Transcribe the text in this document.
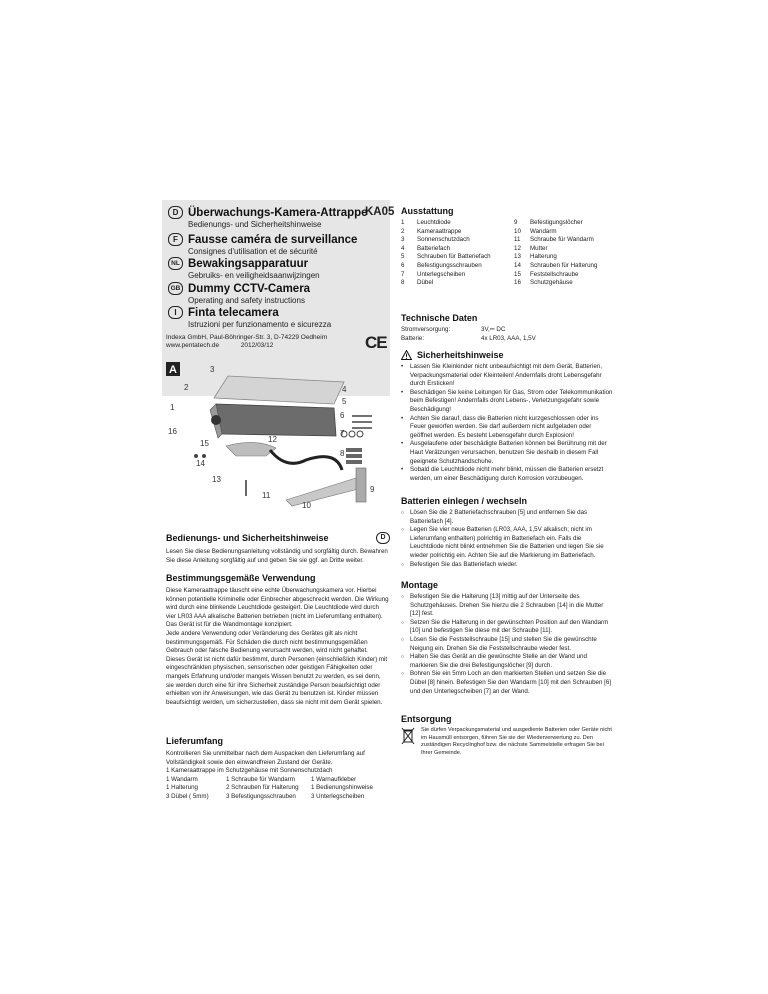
KA05
D Überwachungs-Kamera-Attrappe
Bedienungs- und Sicherheitshinweise
F Fausse caméra de surveillance
Consignes d'utilisation et de sécurité
NL Bewakingsapparatuur
Gebruiks- en veiligheidsaanwijzingen
GB Dummy CCTV-Camera
Operating and safety instructions
I Finta telecamera
Istruzioni per funzionamento e sicurezza
Indexa GmbH, Paul-Böhringer-Str. 3, D-74229 Oedheim
www.pentatech.de	2012/03/12	CE
A
1
2
3
4
5
6
7
8
9
10
11
12
13
14
15
16
Bedienungs- und Sicherheitshinweise	D
Lesen Sie diese Bedienungsanleitung vollständig und sorgfältig durch. Bewahren Sie diese Anleitung sorgfältig auf und geben Sie sie ggf. an Dritte weiter.
Bestimmungsgemäße Verwendung
Diese Kameraattrappe täuscht eine echte Überwachungskamera vor. Hierbei können potentielle Kriminelle oder Einbrecher abgeschreckt werden. Die Wirkung wird durch eine blinkende Leuchtdiode gesteigert. Die Leuchtdiode wird durch vier LR03 AAA alkalische Batterien betrieben (nicht im Lieferumfang enthalten). Das Gerät ist für die Wandmontage konzipiert.
Jede andere Verwendung oder Veränderung des Gerätes gilt als nicht bestimmungsgemäß. Für Schäden die durch nicht bestimmungsgemäßen Gebrauch oder falsche Bedienung verursacht werden, wird nicht gehaftet.
Dieses Gerät ist nicht dafür bestimmt, durch Personen (einschließlich Kinder) mit eingeschränkten physischen, sensorischen oder geistigen Fähigkeiten oder mangels Erfahrung und/oder mangels Wissen benutzt zu werden, es sei denn, sie werden durch eine für ihre Sicherheit zuständige Person beaufsichtigt oder erhielten von ihr Anweisungen, wie das Gerät zu benutzen ist. Kinder müssen beaufsichtigt werden, um sicherzustellen, dass sie nicht mit dem Gerät spielen.
Lieferumfang
Kontrollieren Sie unmittelbar nach dem Auspacken den Lieferumfang auf Vollständigkeit sowie den einwandfreien Zustand der Geräte.
1 Kameraattrappe im Schutzgehäuse mit Sonnenschutzdach
1 Wandarm	1 Schraube für Wandarm	1 Warnaufkleber
1 Halterung	2 Schrauben für Halterung	1 Bedienungshinweise
3 Dübel ( 5mm)	3 Befestigungsschrauben	3 Unterlegscheiben
Ausstattung
1	Leuchtdiode
2	Kameraattrappe
3	Sonnenschutzdach
4	Batteriefach
5	Schrauben für Batteriefach
6	Befestigungsschrauben
7	Unterlegscheiben
8	Dübel
9	Befestigungslöcher
10	Wandarm
11	Schraube für Wandarm
12	Mutter
13	Halterung
14	Schrauben für Halterung
15	Feststellschraube
16	Schutzgehäuse
Technische Daten
Stromversorgung:	3V,⎓ DC
Batterie:	4x LR03, AAA, 1,5V
Sicherheitshinweise
• Lassen Sie Kleinkinder nicht unbeaufsichtigt mit dem Gerät, Batterien, Verpackungsmaterial oder Kleinteilen! Andernfalls droht Lebensgefahr durch Ersticken!
• Beschädigen Sie keine Leitungen für Gas, Strom oder Telekommunikation beim Befestigen! Andernfalls droht Lebens-, Verletzungsgefahr sowie Beschädigung!
• Achten Sie darauf, dass die Batterien nicht kurzgeschlossen oder ins Feuer geworfen werden. Sie darf außerdem nicht aufgeladen oder geöffnet werden. Es besteht Lebensgefahr durch Explosion!
• Ausgelaufene oder beschädigte Batterien können bei Berührung mit der Haut Verätzungen verursachen, benutzen Sie deshalb in diesem Fall geeignete Schutzhandschuhe.
• Sobald die Leuchtdiode nicht mehr blinkt, müssen die Batterien ersetzt werden, um einer Beschädigung durch Korrosion vorzubeugen.
Batterien einlegen / wechseln
○ Lösen Sie die 2 Batteriefachschrauben [5] und entfernen Sie das Batteriefach [4].
○ Legen Sie vier neue Batterien (LR03, AAA, 1,5V alkalisch; nicht im Lieferumfang enthalten) polrichtig im Batteriefach ein. Falls die Leuchtdiode nicht blinkt entnehmen Sie die Batterien und legen Sie sie wieder polrichtig ein. Achten Sie auf die Markierung im Batteriefach.
○ Befestigen Sie das Batteriefach wieder.
Montage
○ Befestigen Sie die Halterung [13] mittig auf der Unterseite des Schutzgehäuses. Drehen Sie hierzu die 2 Schrauben [14] in die Mutter [12] fest.
○ Setzen Sie die Halterung in der gewünschten Position auf den Wandarm [10] und befestigen Sie diese mit der Schraube [11].
○ Lösen Sie die Feststellschraube [15] und stellen Sie die gewünschte Neigung ein. Drehen Sie die Feststellschraube wieder fest.
○ Halten Sie das Gerät an die gewünschte Stelle an der Wand und markieren Sie die drei Befestigungslöcher [9] durch.
○ Bohren Sie ein 5mm Loch an den markierten Stellen und setzen Sie die Dübel [8] hinein. Befestigen Sie den Wandarm [10] mit den Schrauben [6] und den Unterlegscheiben [7] an der Wand.
Entsorgung
Sie dürfen Verpackungsmaterial und ausgediente Batterien oder Geräte nicht im Hausmüll entsorgen, führen Sie sie der Wiederverwertung zu. Den zuständigen Recyclinghof bzw. die nächste Sammelstelle erfragen Sie bei Ihrer Gemeinde.
